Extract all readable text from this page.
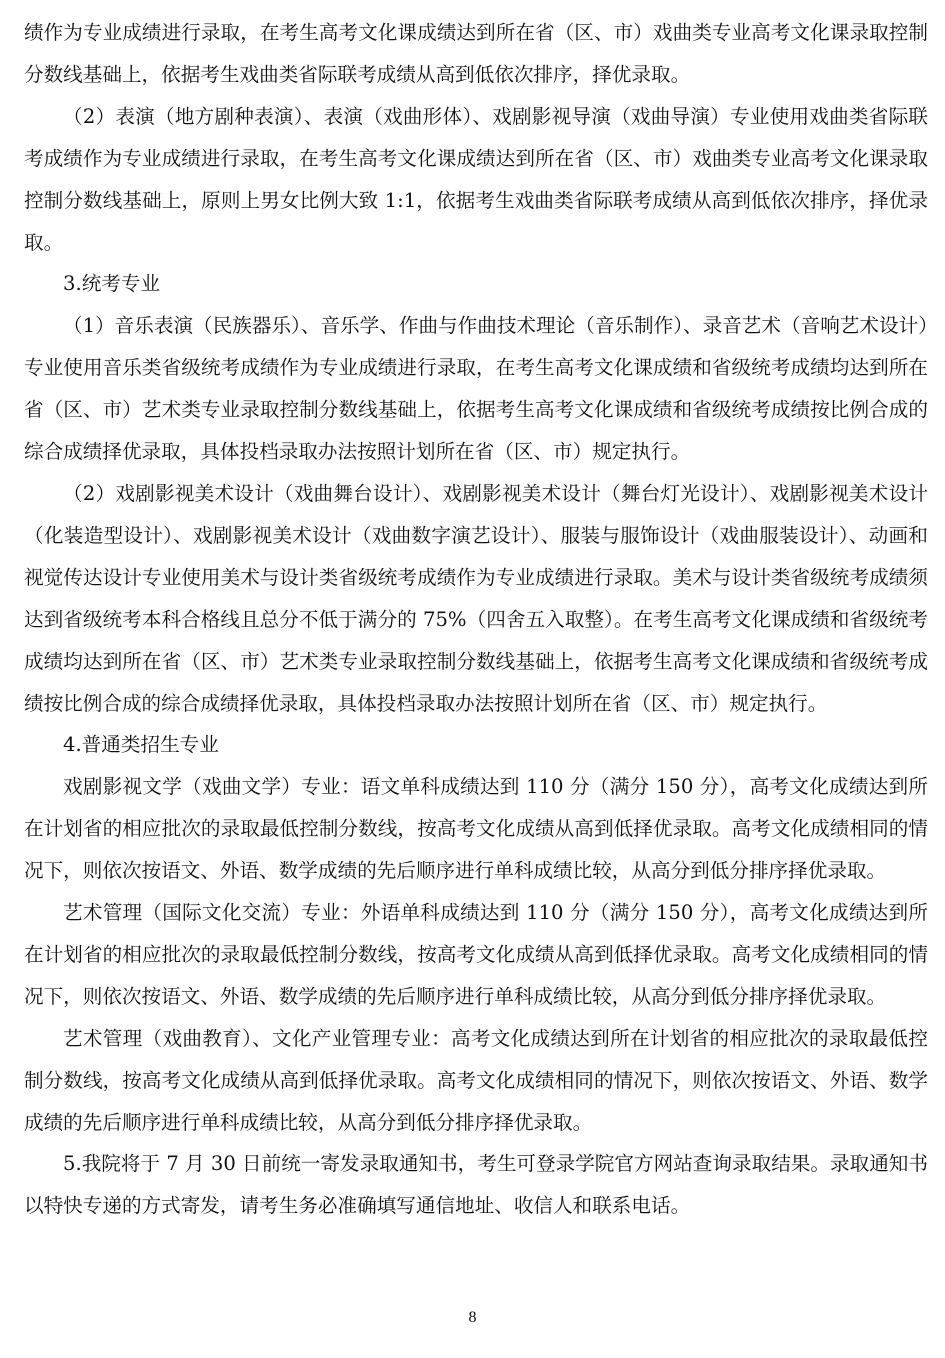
绩作为专业成绩进行录取，在考生高考文化课成绩达到所在省（区、市）戏曲类专业高考文化课录取控制分数线基础上，依据考生戏曲类省际联考成绩从高到低依次排序，择优录取。

（2）表演（地方剧种表演）、表演（戏曲形体）、戏剧影视导演（戏曲导演）专业使用戏曲类省际联考成绩作为专业成绩进行录取，在考生高考文化课成绩达到所在省（区、市）戏曲类专业高考文化课录取控制分数线基础上，原则上男女比例大致 1:1，依据考生戏曲类省际联考成绩从高到低依次排序，择优录取。

3.统考专业

（1）音乐表演（民族器乐）、音乐学、作曲与作曲技术理论（音乐制作）、录音艺术（音响艺术设计）专业使用音乐类省级统考成绩作为专业成绩进行录取，在考生高考文化课成绩和省级统考成绩均达到所在省（区、市）艺术类专业录取控制分数线基础上，依据考生高考文化课成绩和省级统考成绩按比例合成的综合成绩择优录取，具体投档录取办法按照计划所在省（区、市）规定执行。

（2）戏剧影视美术设计（戏曲舞台设计）、戏剧影视美术设计（舞台灯光设计）、戏剧影视美术设计（化装造型设计）、戏剧影视美术设计（戏曲数字演艺设计）、服装与服饰设计（戏曲服装设计）、动画和视觉传达设计专业使用美术与设计类省级统考成绩作为专业成绩进行录取。美术与设计类省级统考成绩须达到省级统考本科合格线且总分不低于满分的 75%（四舍五入取整）。在考生高考文化课成绩和省级统考成绩均达到所在省（区、市）艺术类专业录取控制分数线基础上，依据考生高考文化课成绩和省级统考成绩按比例合成的综合成绩择优录取，具体投档录取办法按照计划所在省（区、市）规定执行。

4.普通类招生专业

戏剧影视文学（戏曲文学）专业：语文单科成绩达到 110 分（满分 150 分），高考文化成绩达到所在计划省的相应批次的录取最低控制分数线，按高考文化成绩从高到低择优录取。高考文化成绩相同的情况下，则依次按语文、外语、数学成绩的先后顺序进行单科成绩比较，从高分到低分排序择优录取。

艺术管理（国际文化交流）专业：外语单科成绩达到 110 分（满分 150 分），高考文化成绩达到所在计划省的相应批次的录取最低控制分数线，按高考文化成绩从高到低择优录取。高考文化成绩相同的情况下，则依次按语文、外语、数学成绩的先后顺序进行单科成绩比较，从高分到低分排序择优录取。

艺术管理（戏曲教育）、文化产业管理专业：高考文化成绩达到所在计划省的相应批次的录取最低控制分数线，按高考文化成绩从高到低择优录取。高考文化成绩相同的情况下，则依次按语文、外语、数学成绩的先后顺序进行单科成绩比较，从高分到低分排序择优录取。

5.我院将于 7 月 30 日前统一寄发录取通知书，考生可登录学院官方网站查询录取结果。录取通知书以特快专递的方式寄发，请考生务必准确填写通信地址、收信人和联系电话。

8
